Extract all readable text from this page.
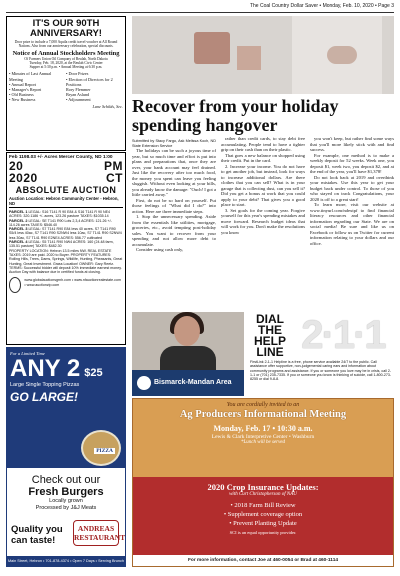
The Coal Country Dollar Saver • Monday, Feb. 10, 2020 • Page 3
IT'S OUR 90TH ANNIVERSARY!
Door prize to include a 7,000 Aquila credit travel voucher at All Round Nations. Also from our anniversary celebration, special discounts.
Notice of Annual Stockholders Meeting
Of Farmers Union Oil Company of Beulah, North Dakota
Tuesday, Feb. 18, 2020, at the Beulah Civic Center
Supper at 5:30 p.m. • Annual Meeting at 6:30 p.m.
• Minutes of Last Annual Meeting
• Annual Report
• Manager's Report
• Old Business
• New Business
• Door Prizes
• Election of Directors for 2 Positions
Rory Flemmer
Bryan Aslund
• Adjournment
Lane Schilds, Sec.
Feb 1198.03 +/- Acres Mercer County, ND 1:00
20	PM
2020	CT
ABSOLUTE AUCTION
Auction Location: Hebron Community Center - Hebron, ND
PARCEL 1 LEGAL: S16 T141 R 90 E84 & S16 T141 R 90 NE4 ACRES: 320.1186 +/- acres, 123.26 pasture TAXES: $1035.14
PARCEL 2 LEGAL: SE T141 R90 Lots 2,3,4 ACRES: 121.26 +/- 114.26 acres TAXES: $546.40
PARCEL 3 LEGAL: S7 T141 R90 E84 less 40 acres. S7 T141 R90 S5/4 less 40ac, S7 T141 R90 S2NW4 less 10ac, S7 T141 R90 S2NW4 less 30ac, S7 T141 R90 E2NE4 ACRES: 556.77 cultivated
PARCEL 4 LEGAL: S5 T141 R90 NW4 ACRES: 160 (24.48 farm, 135.51 pasture) TAXES: $482.30
PROPERTY LOCATION: Hebron 13.5 miles NW. REAL ESTATE TAXES: 2019 are paid. 2020 to Buyer. PROPERTY FEATURES: Rolling Hills, Trees, Dams, Springs, Wildlife, Hunting, Pheasants, Great Hunting, Great Investment. Grass Location! OWNER: Gary Reetz. TERMS: Successful bidder will deposit 10% immediate earnest money. Auction Day with balance due in certified funds at closing.
www.globalauctionsgrnh.com • www.nfauctionrealestate.com • www.auctionzip.com
For a Limited Time
ANY 2 $25
Large Single Topping Pizzas
GO LARGE!
PIZZA
Check out our
Fresh Burgers
Locally grown
Processed by J&J Meats
Quality you can taste!
ANDREAS RESTAURANT
Main Street, Hebron • 701-878-4374 • Open 7 Days • Serving Brunch on Weekends
Recover from your holiday spending hangover
Submitted by Stacy Fargo, Ask Melissa Koch, ND State Extension Service

The holidays can be such a joyous time of year, but so much time and effort is put into plans and preparations that, once they are over, your bank account may feel drained. Just like the recovery after too much food, the money you spent can leave you feeling sluggish. Without even looking at your bills, you already know the damage: "Ouch! I got a little carried away."

First, do not be so hard on yourself. Put those feelings of "What did I do?" into action. Here are three immediate steps.

1. Stop the unnecessary spending. Aside from the essentials like utilities, mortgage, groceries, etc., avoid tempting post-holiday sales. You want to recover from your spending and not allow more debt to accumulate.

Consider using cash only,

rather than credit cards, to stay debt free accumulating. People tend to have a tighter grip on their cash than on their plastic.

That goes a new balance on shopped using their credit. Put in the card.

2. Increase your income. You do not have to get another job, but instead, look for ways to increase additional dollars. Are there clothes that you can sell? What is in your garage that is collecting dust, can you sell it? Did you get a bonus at work that you could apply to your debt? That gives you a good place to start.

3. Set goals for the coming year. Forgive yourself for this year's spending mistakes and move forward. Research budget ideas that will work for you. Don't make the resolutions you know

you won't keep, but rather find some ways that you'll more likely stick with and find success.

For example, one method is to make a weekly deposit for 52 weeks. Week one, you deposit $1, week two, you deposit $2, and at the end of the year, you'll have $1,378!

Do not look back at 2019 and overthink your mistakes. Use this year to get your budget back under control. To those of you who stayed on track Congratulations, your 2020 is off to a great start!

To learn more, visit our website at www.tinyurl.com/ndextpf to find financial literacy resources and other financial information regarding our State. We are on social media! Be sure and like us on Facebook or follow us on Twitter for current information relating to your dollars and our office.

Bismarck-Mandan Area
DIAL THE HELP LINE 2·1·1
FirstLink 2-1-1 Helpline is a free, phone service available 24/7 to the public. Call assistance offer supportive, non-judgemental caring ears and information about community programs and assistance. If you or someone you love may be in crisis, call 2-1-1 or (701) 235-7335. If you or someone you know is thinking of suicide, call 1-800-273-8255 or dial 9-8-8.
You are cordially invited to an
Ag Producers Informational Meeting
Monday, Feb. 17 • 10:30 a.m.
Lewis & Clark Interpretive Center • Washburn
*Lunch will be served
2020 Crop Insurance Updates:
with Curt Christopherson of NAU
• 2018 Farm Bill Review
• Supplement coverage option
• Prevent Planting Update
SCI is an equal opportunity provider.
For more information, contact Joe at 460-0054 or Brad at 460-1114
